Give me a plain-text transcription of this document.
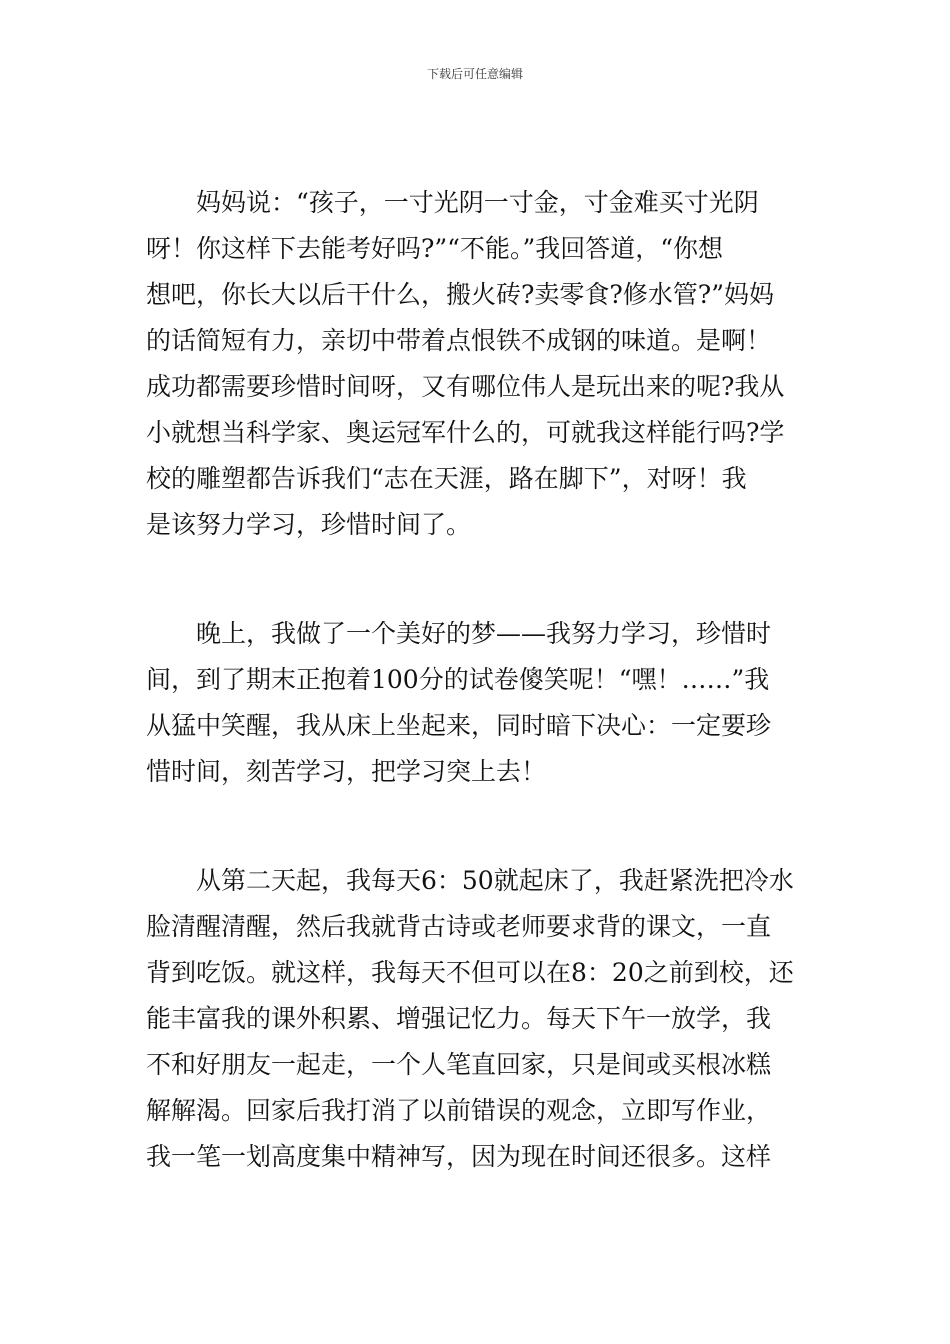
下载后可任意编辑
妈妈说：“孩子，一寸光阴一寸金，寸金难买寸光阴
呀！你这样下去能考好吗?”“不能。”我回答道，“你想
想吧，你长大以后干什么，搬火砖?卖零食?修水管?”妈妈
的话简短有力，亲切中带着点恨铁不成钢的味道。是啊！
成功都需要珍惜时间呀，又有哪位伟人是玩出来的呢?我从
小就想当科学家、奥运冠军什么的，可就我这样能行吗?学
校的雕塑都告诉我们“志在天涯，路在脚下”，对呀！我
是该努力学习，珍惜时间了。
晚上，我做了一个美好的梦——我努力学习，珍惜时
间，到了期末正抱着100分的试卷傻笑呢！“嘿！……”我
从猛中笑醒，我从床上坐起来，同时暗下决心：一定要珍
惜时间，刻苦学习，把学习突上去！
从第二天起，我每天6：50就起床了，我赶紧洗把冷水
脸清醒清醒，然后我就背古诗或老师要求背的课文，一直
背到吃饭。就这样，我每天不但可以在8：20之前到校，还
能丰富我的课外积累、增强记忆力。每天下午一放学，我
不和好朋友一起走，一个人笔直回家，只是间或买根冰糕
解解渴。回家后我打消了以前错误的观念，立即写作业，
我一笔一划高度集中精神写，因为现在时间还很多。这样
